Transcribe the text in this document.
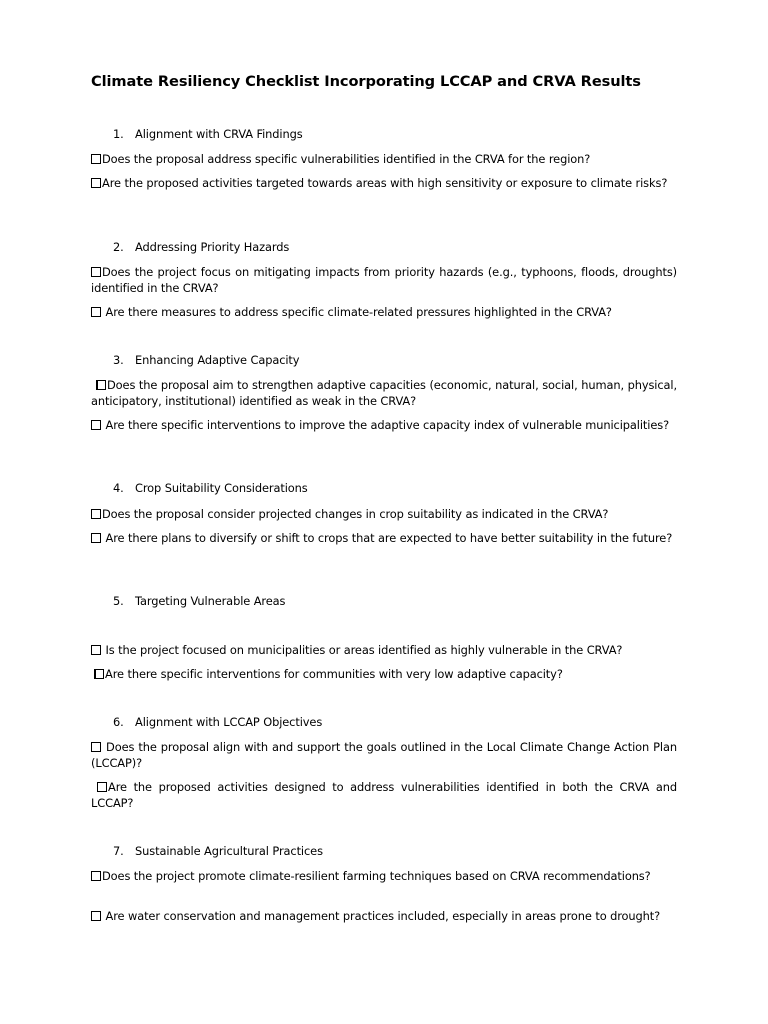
Climate Resiliency Checklist Incorporating LCCAP and CRVA Results
1. Alignment with CRVA Findings
Does the proposal address specific vulnerabilities identified in the CRVA for the region?
Are the proposed activities targeted towards areas with high sensitivity or exposure to climate risks?
2. Addressing Priority Hazards
Does the project focus on mitigating impacts from priority hazards (e.g., typhoons, floods, droughts) identified in the CRVA?
Are there measures to address specific climate-related pressures highlighted in the CRVA?
3. Enhancing Adaptive Capacity
Does the proposal aim to strengthen adaptive capacities (economic, natural, social, human, physical, anticipatory, institutional) identified as weak in the CRVA?
Are there specific interventions to improve the adaptive capacity index of vulnerable municipalities?
4. Crop Suitability Considerations
Does the proposal consider projected changes in crop suitability as indicated in the CRVA?
Are there plans to diversify or shift to crops that are expected to have better suitability in the future?
5. Targeting Vulnerable Areas
Is the project focused on municipalities or areas identified as highly vulnerable in the CRVA?
Are there specific interventions for communities with very low adaptive capacity?
6. Alignment with LCCAP Objectives
Does the proposal align with and support the goals outlined in the Local Climate Change Action Plan (LCCAP)?
Are the proposed activities designed to address vulnerabilities identified in both the CRVA and LCCAP?
7. Sustainable Agricultural Practices
Does the project promote climate-resilient farming techniques based on CRVA recommendations?
Are water conservation and management practices included, especially in areas prone to drought?
